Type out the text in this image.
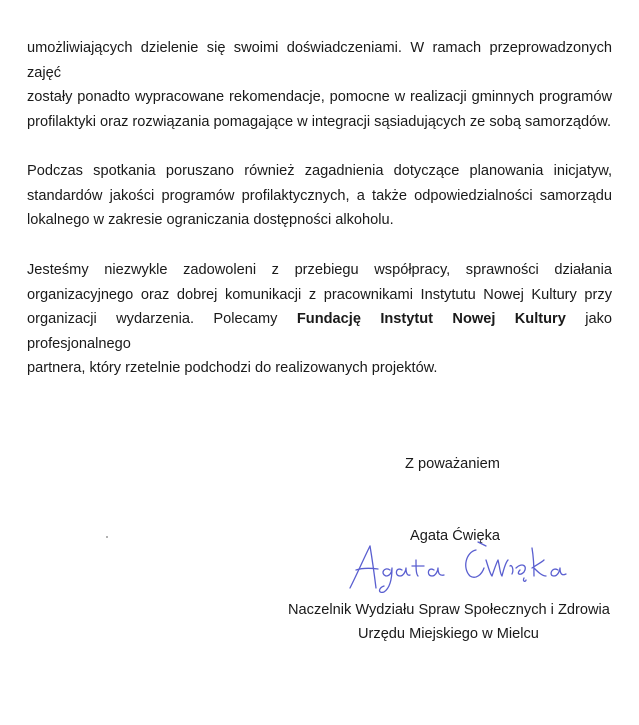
umożliwiających dzielenie się swoimi doświadczeniami. W ramach przeprowadzonych zajęć
zostały ponadto wypracowane rekomendacje, pomocne w realizacji gminnych programów
profilaktyki oraz rozwiązania pomagające w integracji sąsiadujących ze sobą samorządów.

Podczas spotkania poruszano również zagadnienia dotyczące planowania inicjatyw,
standardów jakości programów profilaktycznych, a także odpowiedzialności samorządu
lokalnego w zakresie ograniczania dostępności alkoholu.

Jesteśmy niezwykle zadowoleni z przebiegu współpracy, sprawności działania
organizacyjnego oraz dobrej komunikacji z pracownikami Instytutu Nowej Kultury przy
organizacji wydarzenia. Polecamy Fundację Instytut Nowej Kultury jako profesjonalnego
partnera, który rzetelnie podchodzi do realizowanych projektów.

Z poważaniem

Agata Ćwięka

Naczelnik Wydziału Spraw Społecznych i Zdrowia

Urzędu Miejskiego w Mielcu
